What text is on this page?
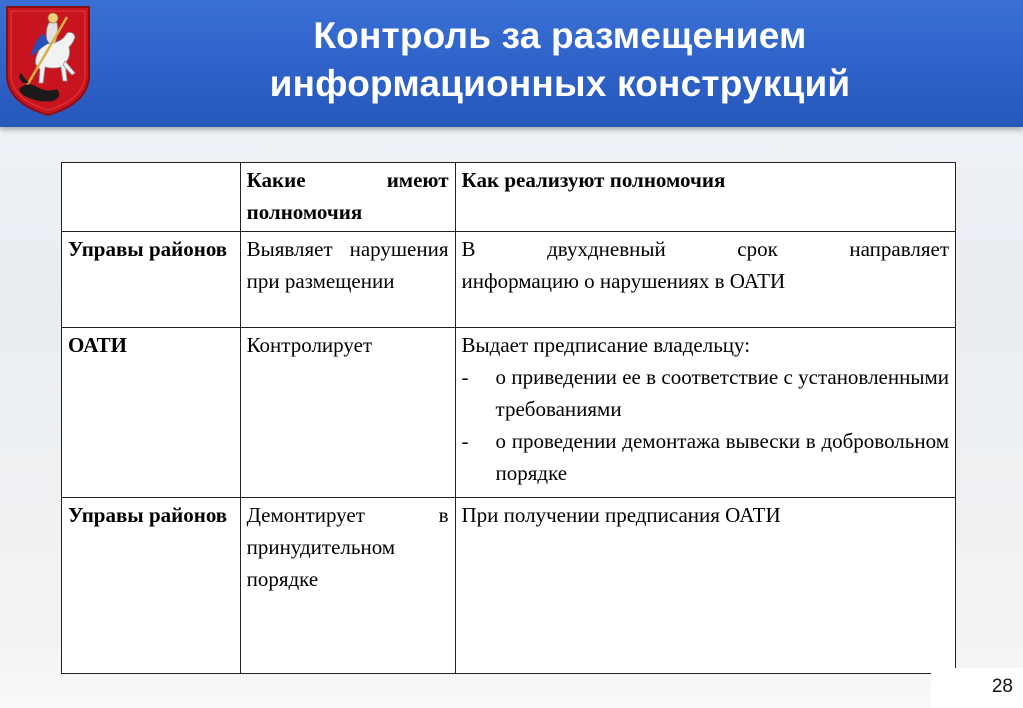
Контроль за размещением
информационных конструкций

	Какие имеют полномочия	Как реализуют полномочия
Управы районов	Выявляет нарушения при размещении	В двухдневный срок направляет
информацию о нарушениях в ОАТИ

ОАТИ	Контролирует	Выдает предписание владельцу:
- о приведении ее в соответствие с установленными требованиями
- о проведении демонтажа вывески в добровольном порядке

Управы районов	Демонтирует в принудительном порядке	При получении предписания ОАТИ
28
